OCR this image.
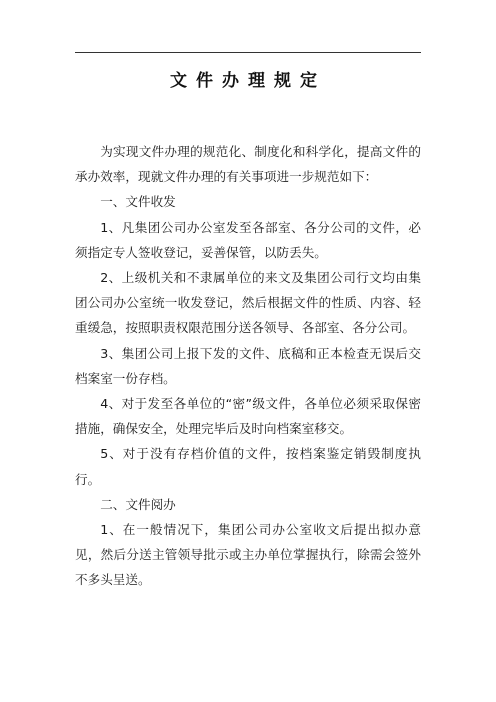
文件办理规定

为实现文件办理的规范化、制度化和科学化，提高文件的承办效率，现就文件办理的有关事项进一步规范如下：

一、文件收发

1、凡集团公司办公室发至各部室、各分公司的文件，必须指定专人签收登记，妥善保管，以防丢失。

2、上级机关和不隶属单位的来文及集团公司行文均由集团公司办公室统一收发登记，然后根据文件的性质、内容、轻重缓急，按照职责权限范围分送各领导、各部室、各分公司。

3、集团公司上报下发的文件、底稿和正本检查无误后交档案室一份存档。

4、对于发至各单位的“密”级文件，各单位必须采取保密措施，确保安全，处理完毕后及时向档案室移交。

5、对于没有存档价值的文件，按档案鉴定销毁制度执行。

二、文件阅办

1、在一般情况下，集团公司办公室收文后提出拟办意见，然后分送主管领导批示或主办单位掌握执行，除需会签外不多头呈送。
